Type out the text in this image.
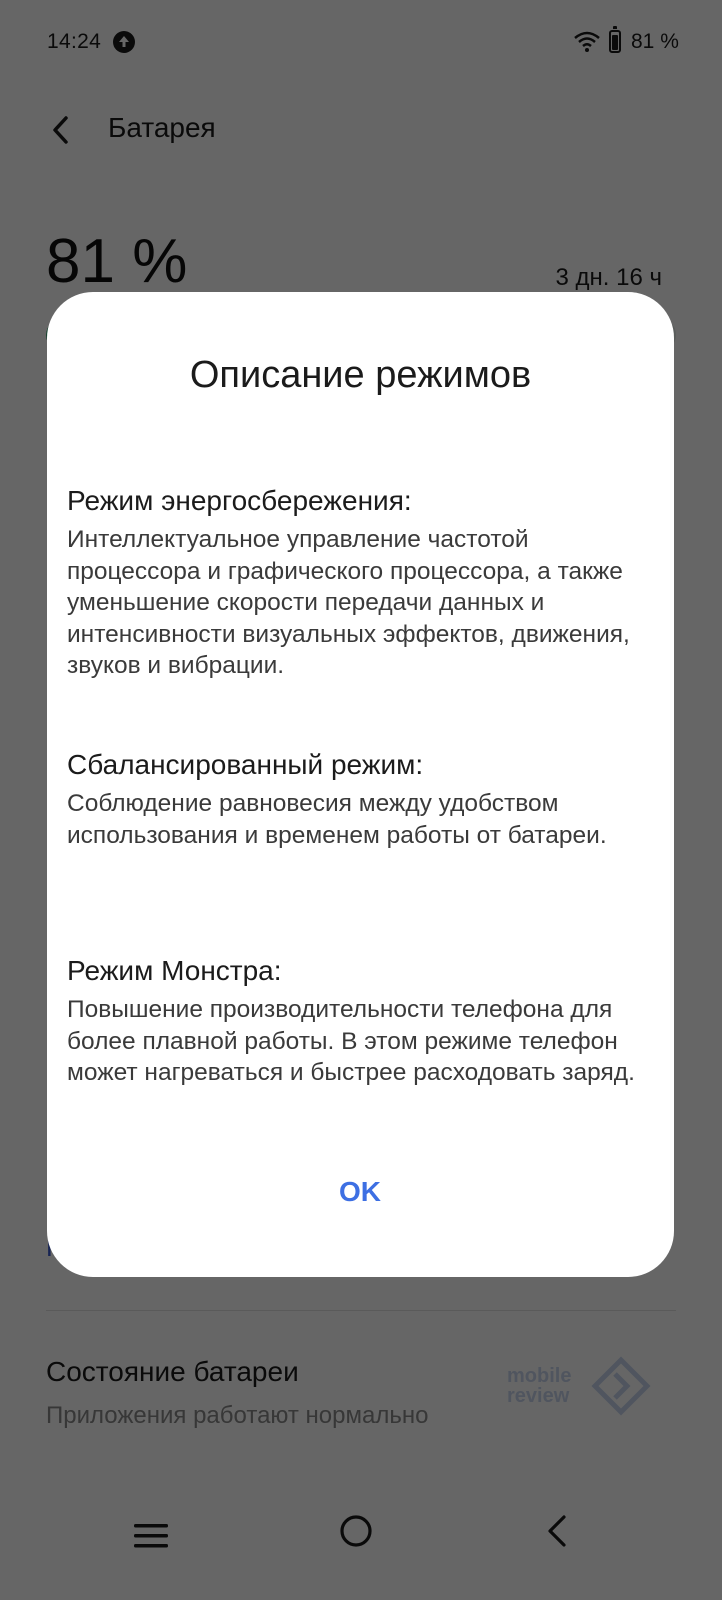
Описание режимов
Режим энергосбережения:
Интеллектуальное управление частотой процессора и графического процессора, а также уменьшение скорости передачи данных и интенсивности визуальных эффектов, движения, звуков и вибрации.
Сбалансированный режим:
Соблюдение равновесия между удобством использования и временем работы от батареи.
Режим Монстра:
Повышение производительности телефона для более плавной работы. В этом режиме телефон может нагреваться и быстрее расходовать заряд.
OK
